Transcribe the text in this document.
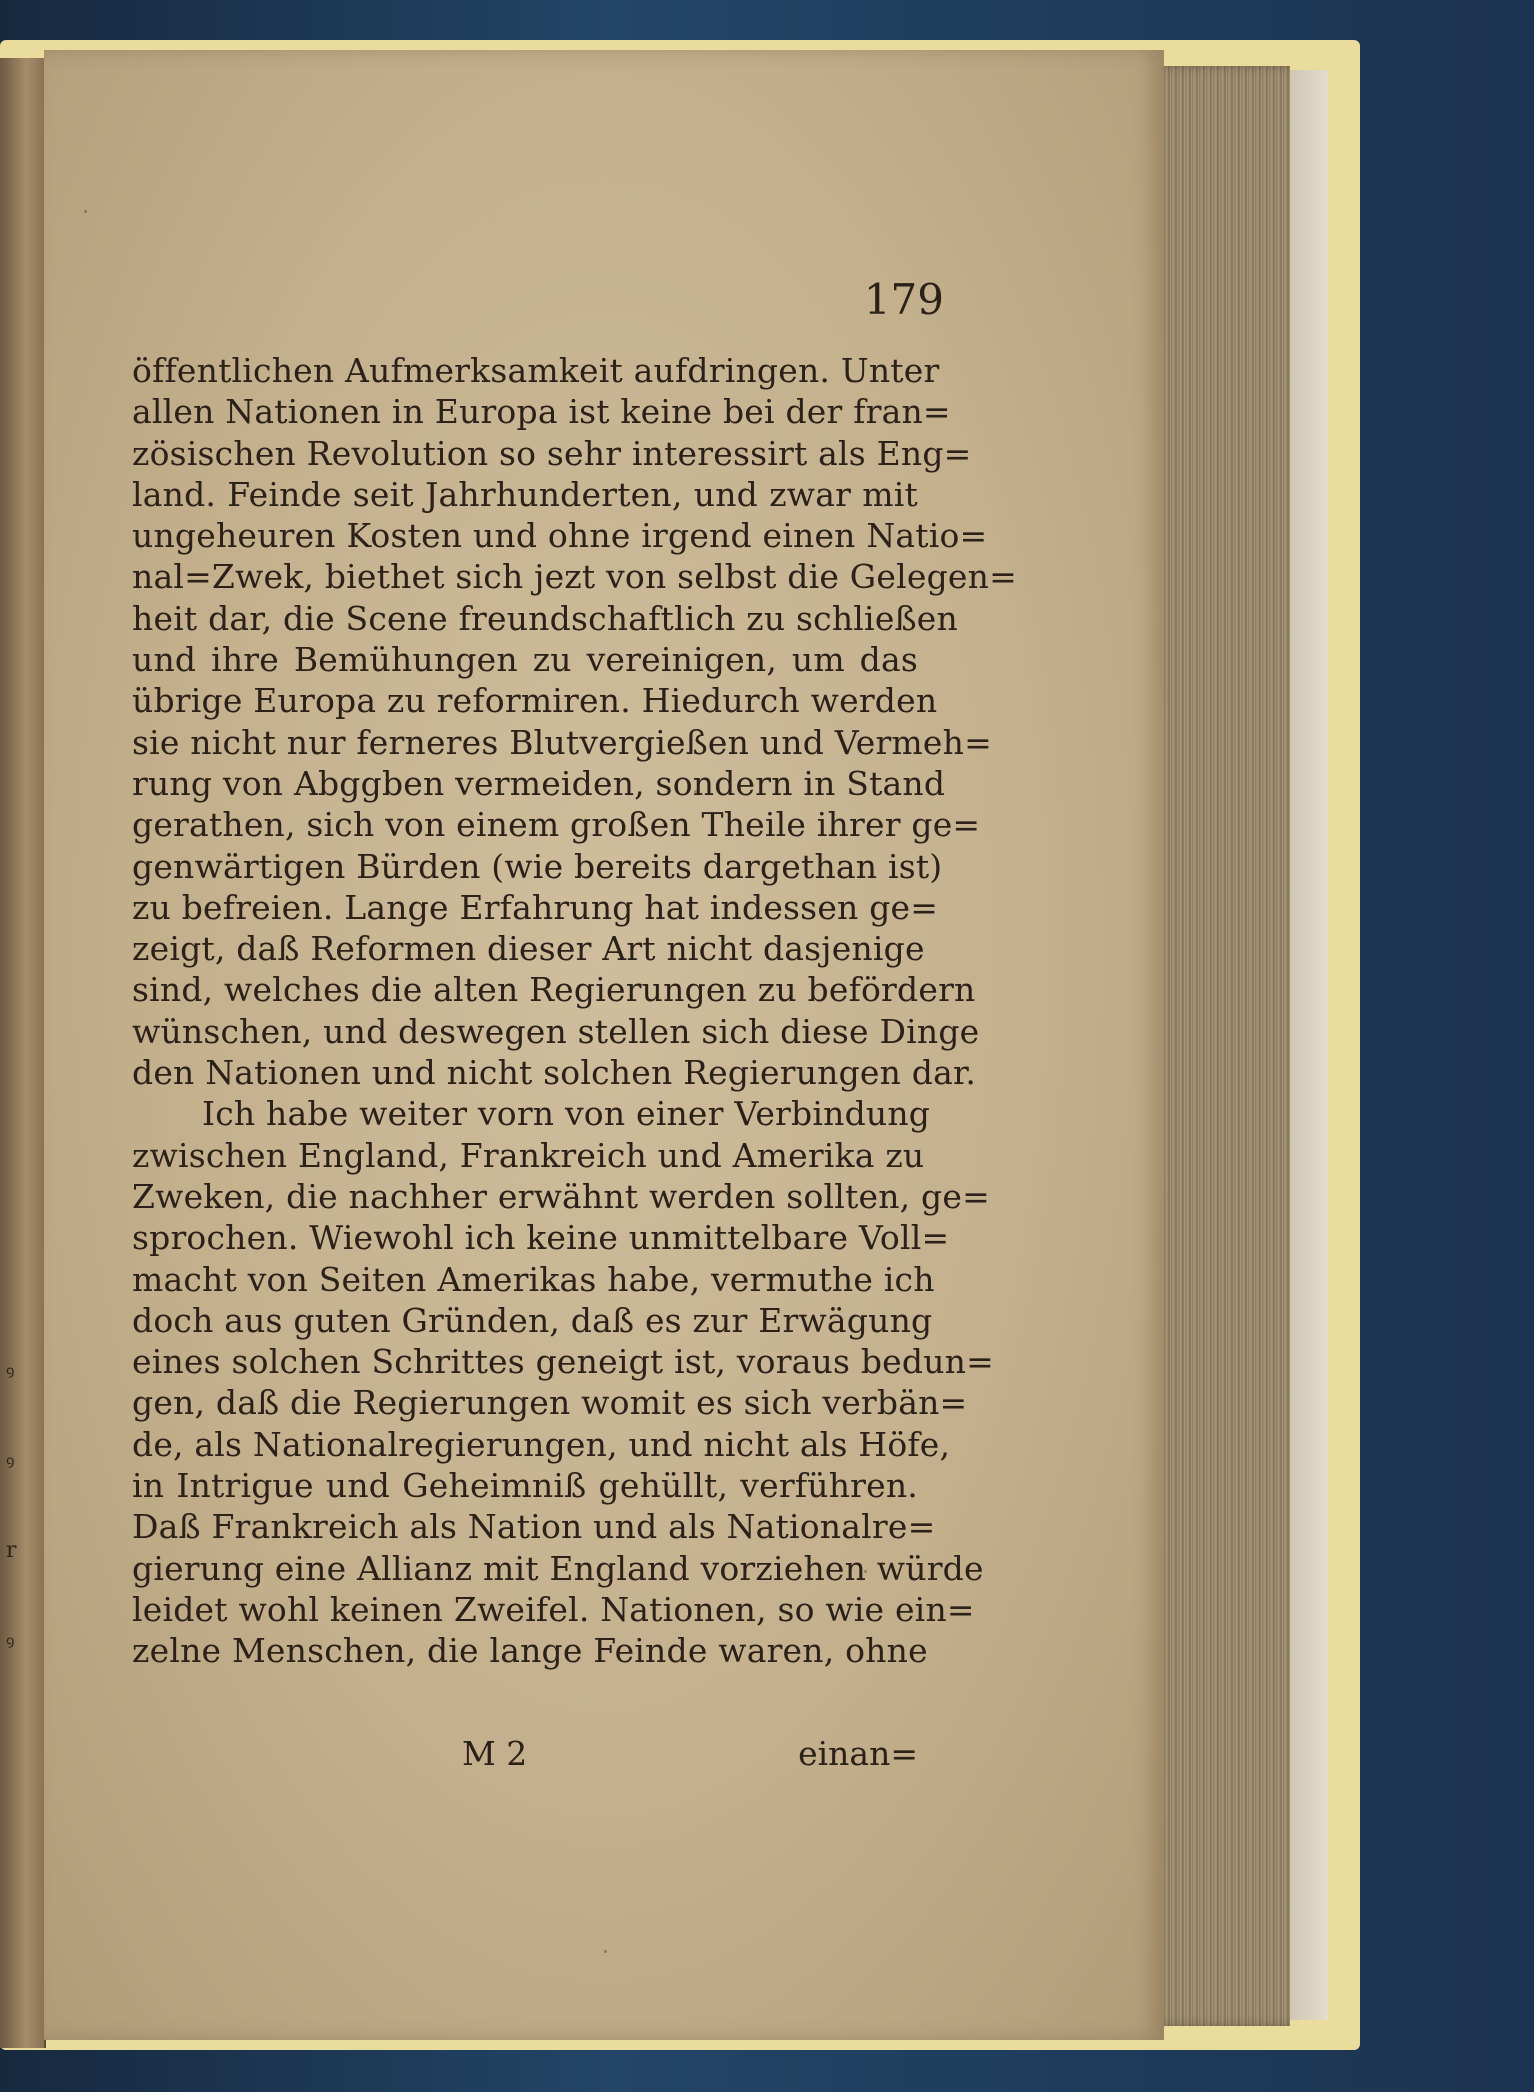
ꝰ
ꝰ
r
ꝰ
179
öffentlichen Aufmerksamkeit aufdringen. Unter
allen Nationen in Europa ist keine bei der fran=
zösischen Revolution so sehr interessirt als Eng=
land. Feinde seit Jahrhunderten, und zwar mit
ungeheuren Kosten und ohne irgend einen Natio=
nal=Zwek, biethet sich jezt von selbst die Gelegen=
heit dar, die Scene freundschaftlich zu schließen
und ihre Bemühungen zu vereinigen, um das
übrige Europa zu reformiren. Hiedurch werden
sie nicht nur ferneres Blutvergießen und Vermeh=
rung von Abggben vermeiden, sondern in Stand
gerathen, sich von einem großen Theile ihrer ge=
genwärtigen Bürden (wie bereits dargethan ist)
zu befreien. Lange Erfahrung hat indessen ge=
zeigt, daß Reformen dieser Art nicht dasjenige
sind, welches die alten Regierungen zu befördern
wünschen, und deswegen stellen sich diese Dinge
den Nationen und nicht solchen Regierungen dar.
Ich habe weiter vorn von einer Verbindung
zwischen England, Frankreich und Amerika zu
Zweken, die nachher erwähnt werden sollten, ge=
sprochen. Wiewohl ich keine unmittelbare Voll=
macht von Seiten Amerikas habe, vermuthe ich
doch aus guten Gründen, daß es zur Erwägung
eines solchen Schrittes geneigt ist, voraus bedun=
gen, daß die Regierungen womit es sich verbän=
de, als Nationalregierungen, und nicht als Höfe,
in Intrigue und Geheimniß gehüllt, verführen.
Daß Frankreich als Nation und als Nationalre=
gierung eine Allianz mit England vorziehen würde
leidet wohl keinen Zweifel. Nationen, so wie ein=
zelne Menschen, die lange Feinde waren, ohne
M 2	einan=
